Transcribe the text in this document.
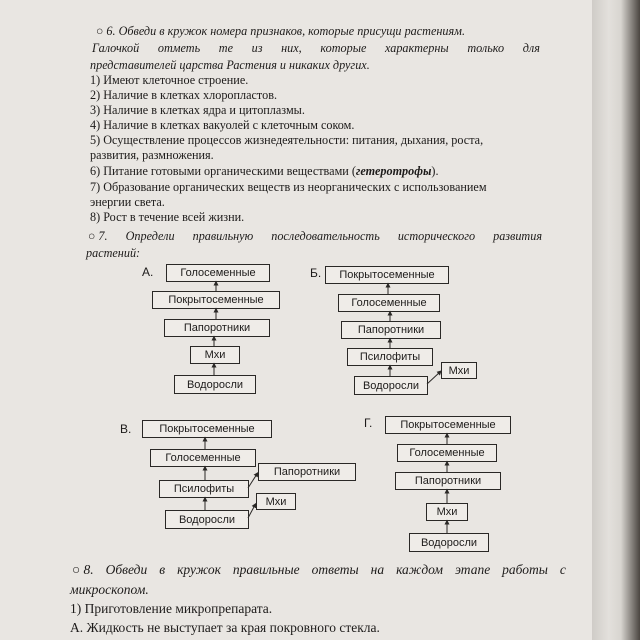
○ 6. Обведи в кружок номера признаков, которые присущи растениям.
Галочкой отметь те из них, которые характерны только для
представителей царства Растения и никаких других.
1) Имеют клеточное строение.
2) Наличие в клетках хлоропластов.
3) Наличие в клетках ядра и цитоплазмы.
4) Наличие в клетках вакуолей с клеточным соком.
5) Осуществление процессов жизнедеятельности: питания, дыхания, роста,
развития, размножения.
6) Питание готовыми органическими веществами (гетеротрофы).
7) Образование органических веществ из неорганических с использованием
энергии света.
8) Рост в течение всей жизни.
○ 7. Определи правильную последовательность исторического развития
растений:
А.	Голосеменные
Покрытосеменные
Папоротники
Мхи
Водоросли
Б.	Покрытосеменные
Голосеменные
Папоротники
Псилофиты
Водоросли
Мхи
В.	Покрытосеменные
Голосеменные
Папоротники
Псилофиты
Мхи
Водоросли
Г.	Покрытосеменные
Голосеменные
Папоротники
Мхи
Водоросли
○ 8. Обведи в кружок правильные ответы на каждом этапе работы с
микроскопом.
1) Приготовление микропрепарата.
А. Жидкость не выступает за края покровного стекла.
